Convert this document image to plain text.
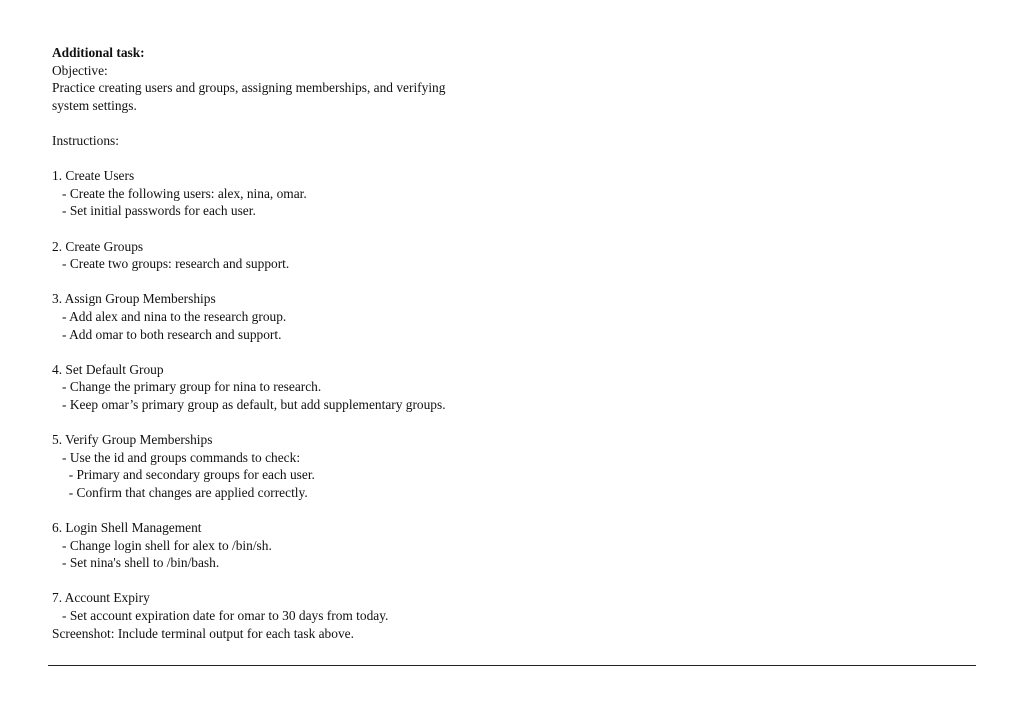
Additional task:
Objective:
Practice creating users and groups, assigning memberships, and verifying
system settings.
Instructions:
1. Create Users
- Create the following users: alex, nina, omar.
- Set initial passwords for each user.
2. Create Groups
- Create two groups: research and support.
3. Assign Group Memberships
- Add alex and nina to the research group.
- Add omar to both research and support.
4. Set Default Group
- Change the primary group for nina to research.
- Keep omar’s primary group as default, but add supplementary groups.
5. Verify Group Memberships
- Use the id and groups commands to check:
- Primary and secondary groups for each user.
- Confirm that changes are applied correctly.
6. Login Shell Management
- Change login shell for alex to /bin/sh.
- Set nina's shell to /bin/bash.
7. Account Expiry
- Set account expiration date for omar to 30 days from today.
Screenshot: Include terminal output for each task above.
